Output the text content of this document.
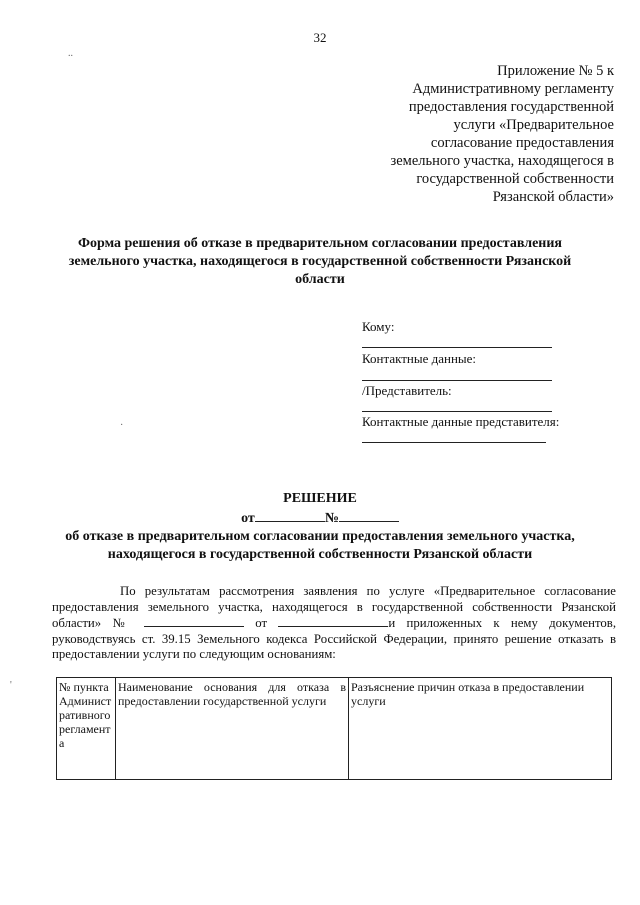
32
..
Приложение № 5 к
Административному регламенту
предоставления государственной
услуги «Предварительное
согласование предоставления
земельного участка, находящегося в
государственной собственности
Рязанской области»
Форма решения об отказе в предварительном согласовании предоставления
земельного участка, находящегося в государственной собственности Рязанской
области
Кому:
Контактные данные:
/Представитель:
Контактные данные представителя:
·
РЕШЕНИЕ
от	№
об отказе в предварительном согласовании предоставления земельного участка,
находящегося в государственной собственности Рязанской области
По результатам рассмотрения заявления по услуге «Предварительное согласование предоставления земельного участка, находящегося в государственной собственности Рязанской области» №	от	и приложенных к нему документов, руководствуясь ст. 39.15 Земельного кодекса Российской Федерации, принято решение отказать в предоставлении услуги по следующим основаниям:
'	№ пункта Административного регламента	Наименование основания для отказа в предоставлении государственной услуги	Разъяснение причин отказа в предоставлении услуги
